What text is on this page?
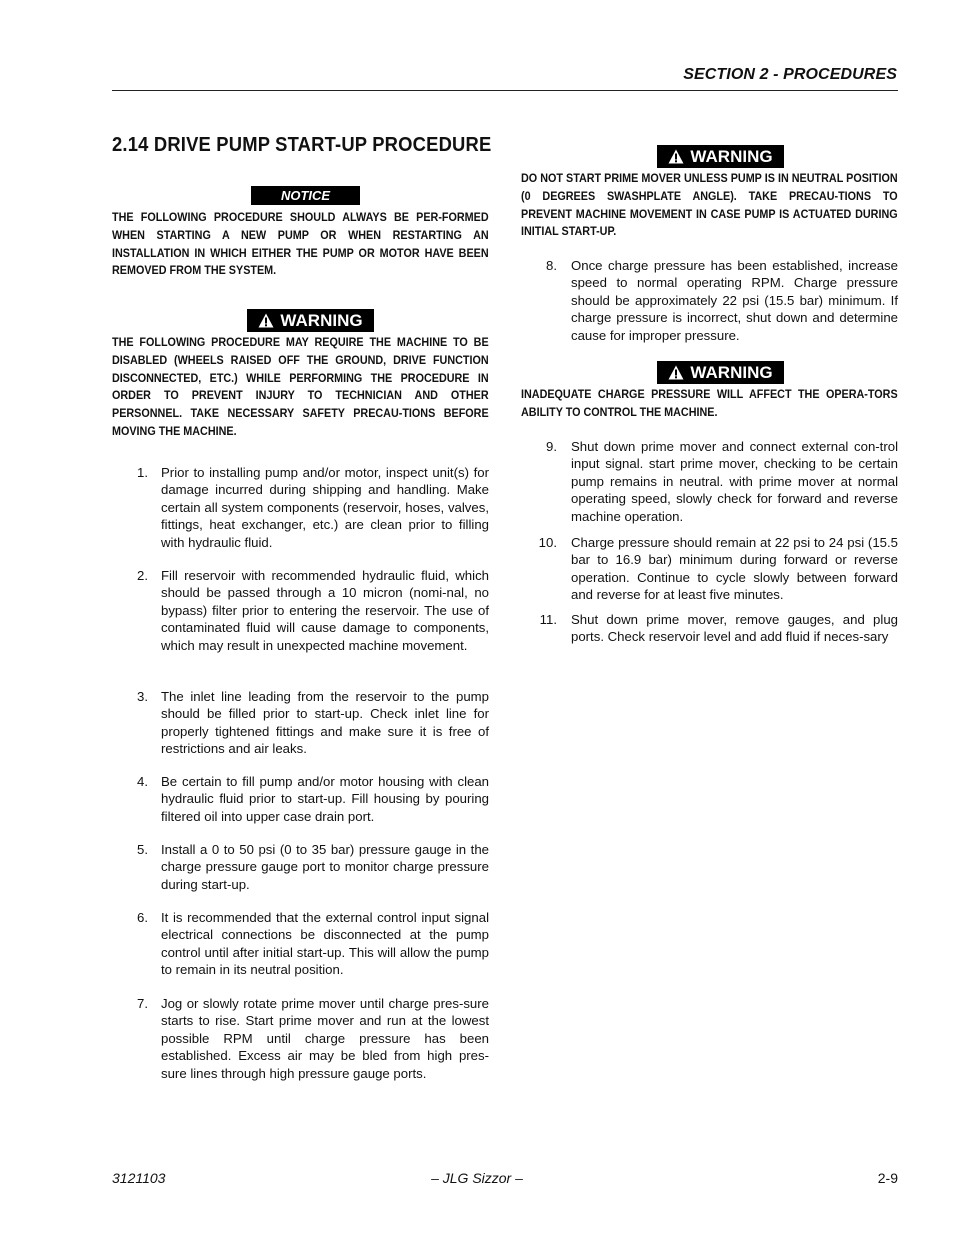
SECTION 2 - PROCEDURES
2.14 DRIVE PUMP START-UP PROCEDURE
NOTICE
THE FOLLOWING PROCEDURE SHOULD ALWAYS BE PER-FORMED WHEN STARTING A NEW PUMP OR WHEN RESTARTING AN INSTALLATION IN WHICH EITHER THE PUMP OR MOTOR HAVE BEEN REMOVED FROM THE SYSTEM.
WARNING
THE FOLLOWING PROCEDURE MAY REQUIRE THE MACHINE TO BE DISABLED (WHEELS RAISED OFF THE GROUND, DRIVE FUNCTION DISCONNECTED, ETC.) WHILE PERFORMING THE PROCEDURE IN ORDER TO PREVENT INJURY TO TECHNICIAN AND OTHER PERSONNEL. TAKE NECESSARY SAFETY PRECAU-TIONS BEFORE MOVING THE MACHINE.
1. Prior to installing pump and/or motor, inspect unit(s) for damage incurred during shipping and handling. Make certain all system components (reservoir, hoses, valves, fittings, heat exchanger, etc.) are clean prior to filling with hydraulic fluid.
2. Fill reservoir with recommended hydraulic fluid, which should be passed through a 10 micron (nomi-nal, no bypass) filter prior to entering the reservoir. The use of contaminated fluid will cause damage to components, which may result in unexpected machine movement.
3. The inlet line leading from the reservoir to the pump should be filled prior to start-up. Check inlet line for properly tightened fittings and make sure it is free of restrictions and air leaks.
4. Be certain to fill pump and/or motor housing with clean hydraulic fluid prior to start-up. Fill housing by pouring filtered oil into upper case drain port.
5. Install a 0 to 50 psi (0 to 35 bar) pressure gauge in the charge pressure gauge port to monitor charge pressure during start-up.
6. It is recommended that the external control input signal electrical connections be disconnected at the pump control until after initial start-up. This will allow the pump to remain in its neutral position.
7. Jog or slowly rotate prime mover until charge pres-sure starts to rise. Start prime mover and run at the lowest possible RPM until charge pressure has been established. Excess air may be bled from high pres-sure lines through high pressure gauge ports.
WARNING
DO NOT START PRIME MOVER UNLESS PUMP IS IN NEUTRAL POSITION (0 DEGREES SWASHPLATE ANGLE). TAKE PRECAU-TIONS TO PREVENT MACHINE MOVEMENT IN CASE PUMP IS ACTUATED DURING INITIAL START-UP.
8.	Once charge pressure has been established, increase speed to normal operating RPM. Charge pressure should be approximately 22 psi (15.5 bar) minimum. If charge pressure is incorrect, shut down and determine cause for improper pressure.
WARNING
INADEQUATE CHARGE PRESSURE WILL AFFECT THE OPERA-TORS ABILITY TO CONTROL THE MACHINE.
9.	Shut down prime mover and connect external con-trol input signal. start prime mover, checking to be certain pump remains in neutral. with prime mover at normal operating speed, slowly check for forward and reverse machine operation.
10.	Charge pressure should remain at 22 psi to 24 psi (15.5 bar to 16.9 bar) minimum during forward or reverse operation. Continue to cycle slowly between forward and reverse for at least five minutes.
11.	Shut down prime mover, remove gauges, and plug ports. Check reservoir level and add fluid if neces-sary
3121103	– JLG Sizzor –	2-9
